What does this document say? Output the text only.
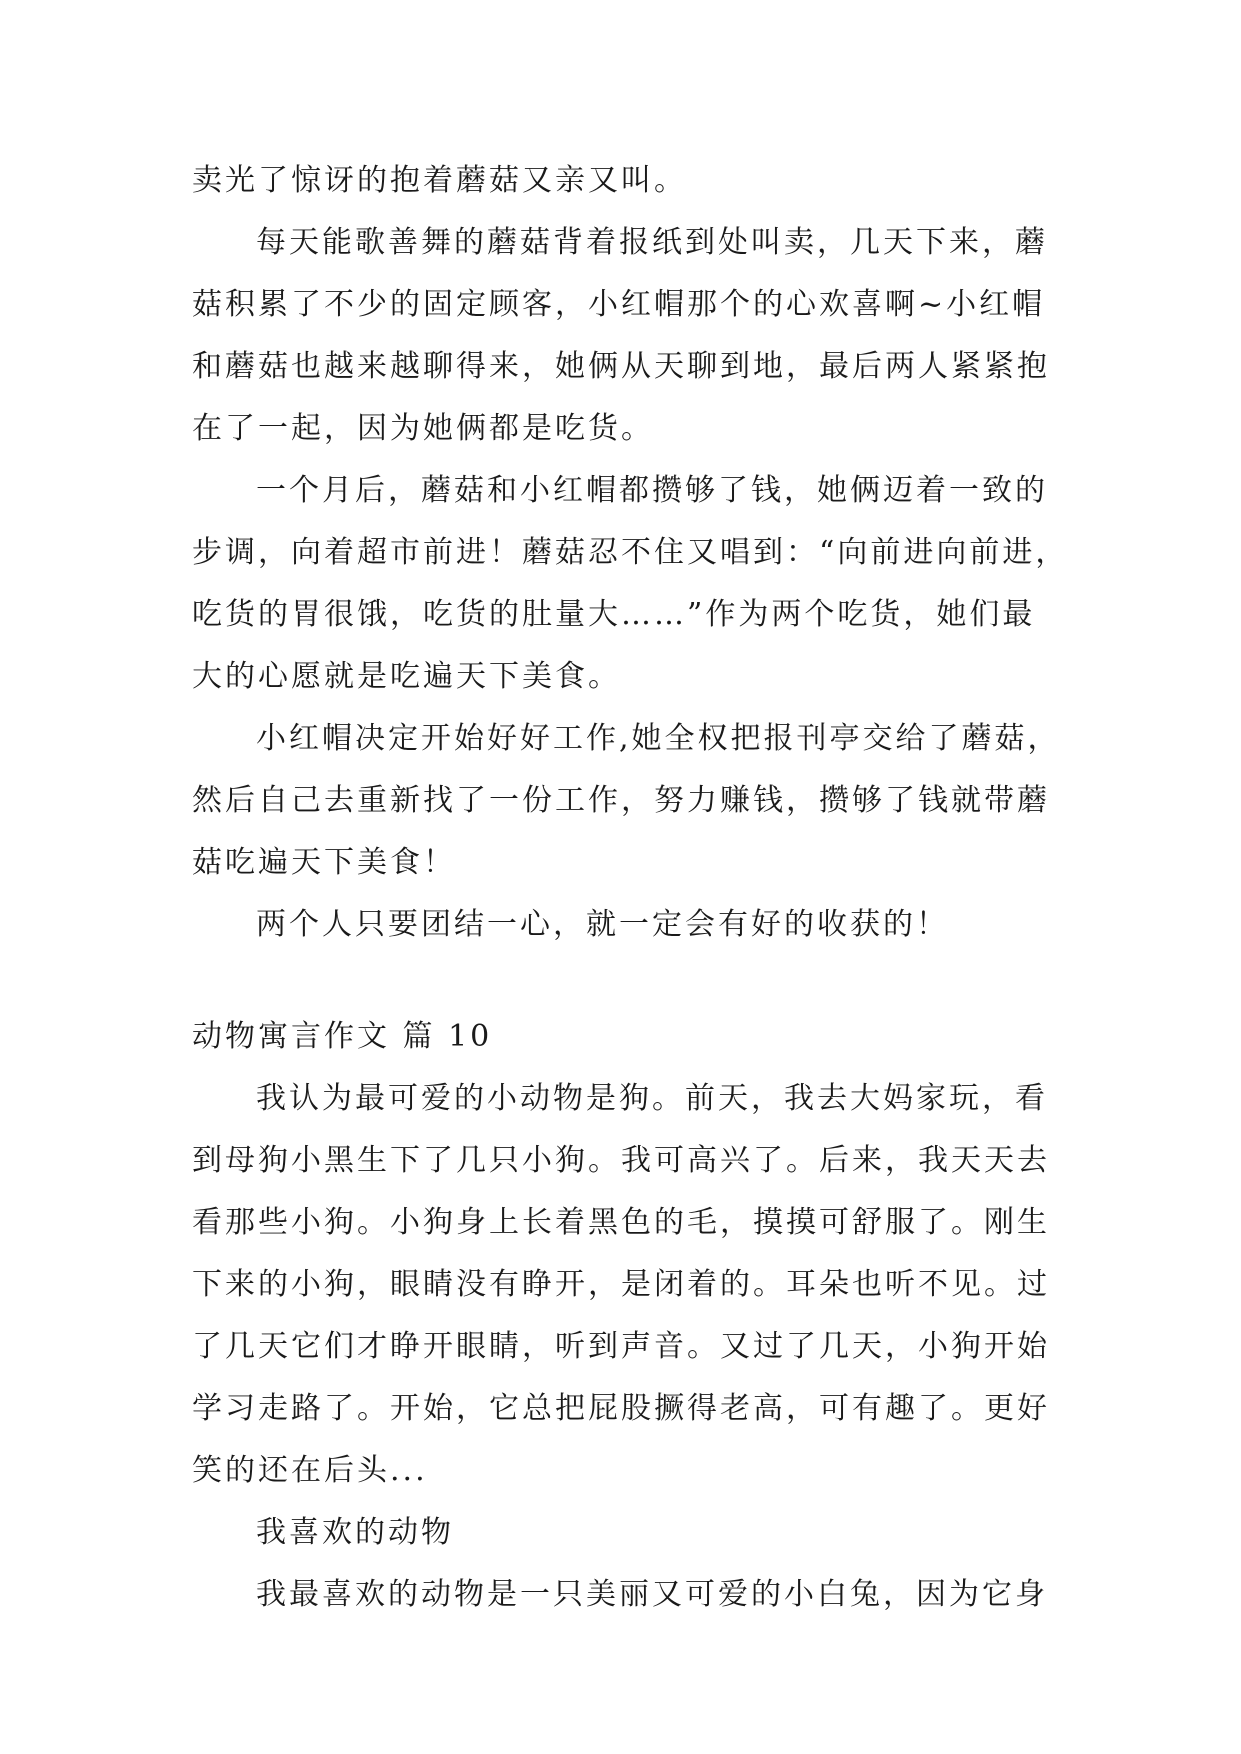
卖光了惊讶的抱着蘑菇又亲又叫。
每天能歌善舞的蘑菇背着报纸到处叫卖，几天下来，蘑
菇积累了不少的固定顾客，小红帽那个的心欢喜啊~小红帽
和蘑菇也越来越聊得来，她俩从天聊到地，最后两人紧紧抱
在了一起，因为她俩都是吃货。
一个月后，蘑菇和小红帽都攒够了钱，她俩迈着一致的
步调，向着超市前进！蘑菇忍不住又唱到：“向前进向前进，
吃货的胃很饿，吃货的肚量大……”作为两个吃货，她们最
大的心愿就是吃遍天下美食。
小红帽决定开始好好工作,她全权把报刊亭交给了蘑菇，
然后自己去重新找了一份工作，努力赚钱，攒够了钱就带蘑
菇吃遍天下美食！
两个人只要团结一心，就一定会有好的收获的！
动物寓言作文 篇 10
我认为最可爱的小动物是狗。前天，我去大妈家玩，看
到母狗小黑生下了几只小狗。我可高兴了。后来，我天天去
看那些小狗。小狗身上长着黑色的毛，摸摸可舒服了。刚生
下来的小狗，眼睛没有睁开，是闭着的。耳朵也听不见。过
了几天它们才睁开眼睛，听到声音。又过了几天，小狗开始
学习走路了。开始，它总把屁股撅得老高，可有趣了。更好
笑的还在后头...
我喜欢的动物
我最喜欢的动物是一只美丽又可爱的小白兔，因为它身
